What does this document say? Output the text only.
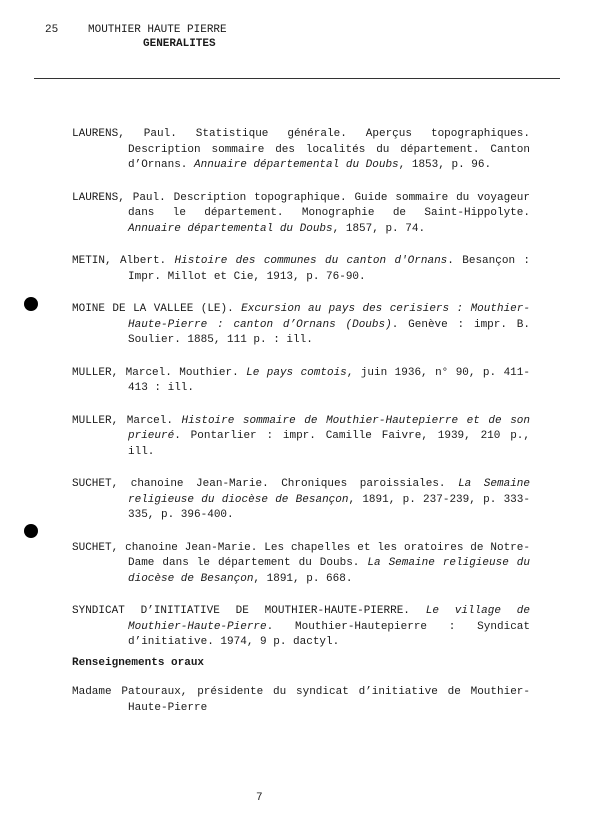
25	MOUTHIER HAUTE PIERRE
GENERALITES

LAURENS, Paul. Statistique générale. Aperçus topographiques. Description sommaire des localités du département. Canton d’Ornans. Annuaire départemental du Doubs, 1853, p. 96.

LAURENS, Paul. Description topographique. Guide sommaire du voyageur dans le département. Monographie de Saint-Hippolyte. Annuaire départemental du Doubs, 1857, p. 74.

METIN, Albert. Histoire des communes du canton d'Ornans. Besançon : Impr. Millot et Cie, 1913, p. 76-90.

MOINE DE LA VALLEE (LE). Excursion au pays des cerisiers : Mouthier-Haute-Pierre : canton d’Ornans (Doubs). Genève : impr. B. Soulier. 1885, 111 p. : ill.

MULLER, Marcel. Mouthier. Le pays comtois, juin 1936, n° 90, p. 411-413 : ill.

MULLER, Marcel. Histoire sommaire de Mouthier-Hautepierre et de son prieuré. Pontarlier : impr. Camille Faivre, 1939, 210 p., ill.

SUCHET, chanoine Jean-Marie. Chroniques paroissiales. La Semaine religieuse du diocèse de Besançon, 1891, p. 237-239, p. 333-335, p. 396-400.

SUCHET, chanoine Jean-Marie. Les chapelles et les oratoires de Notre-Dame dans le département du Doubs. La Semaine religieuse du diocèse de Besançon, 1891, p. 668.

SYNDICAT D’INITIATIVE DE MOUTHIER-HAUTE-PIERRE. Le village de Mouthier-Haute-Pierre. Mouthier-Hautepierre : Syndicat d’initiative. 1974, 9 p. dactyl.

Renseignements oraux
Madame Patouraux, présidente du syndicat d’initiative de Mouthier-Haute-Pierre
7
